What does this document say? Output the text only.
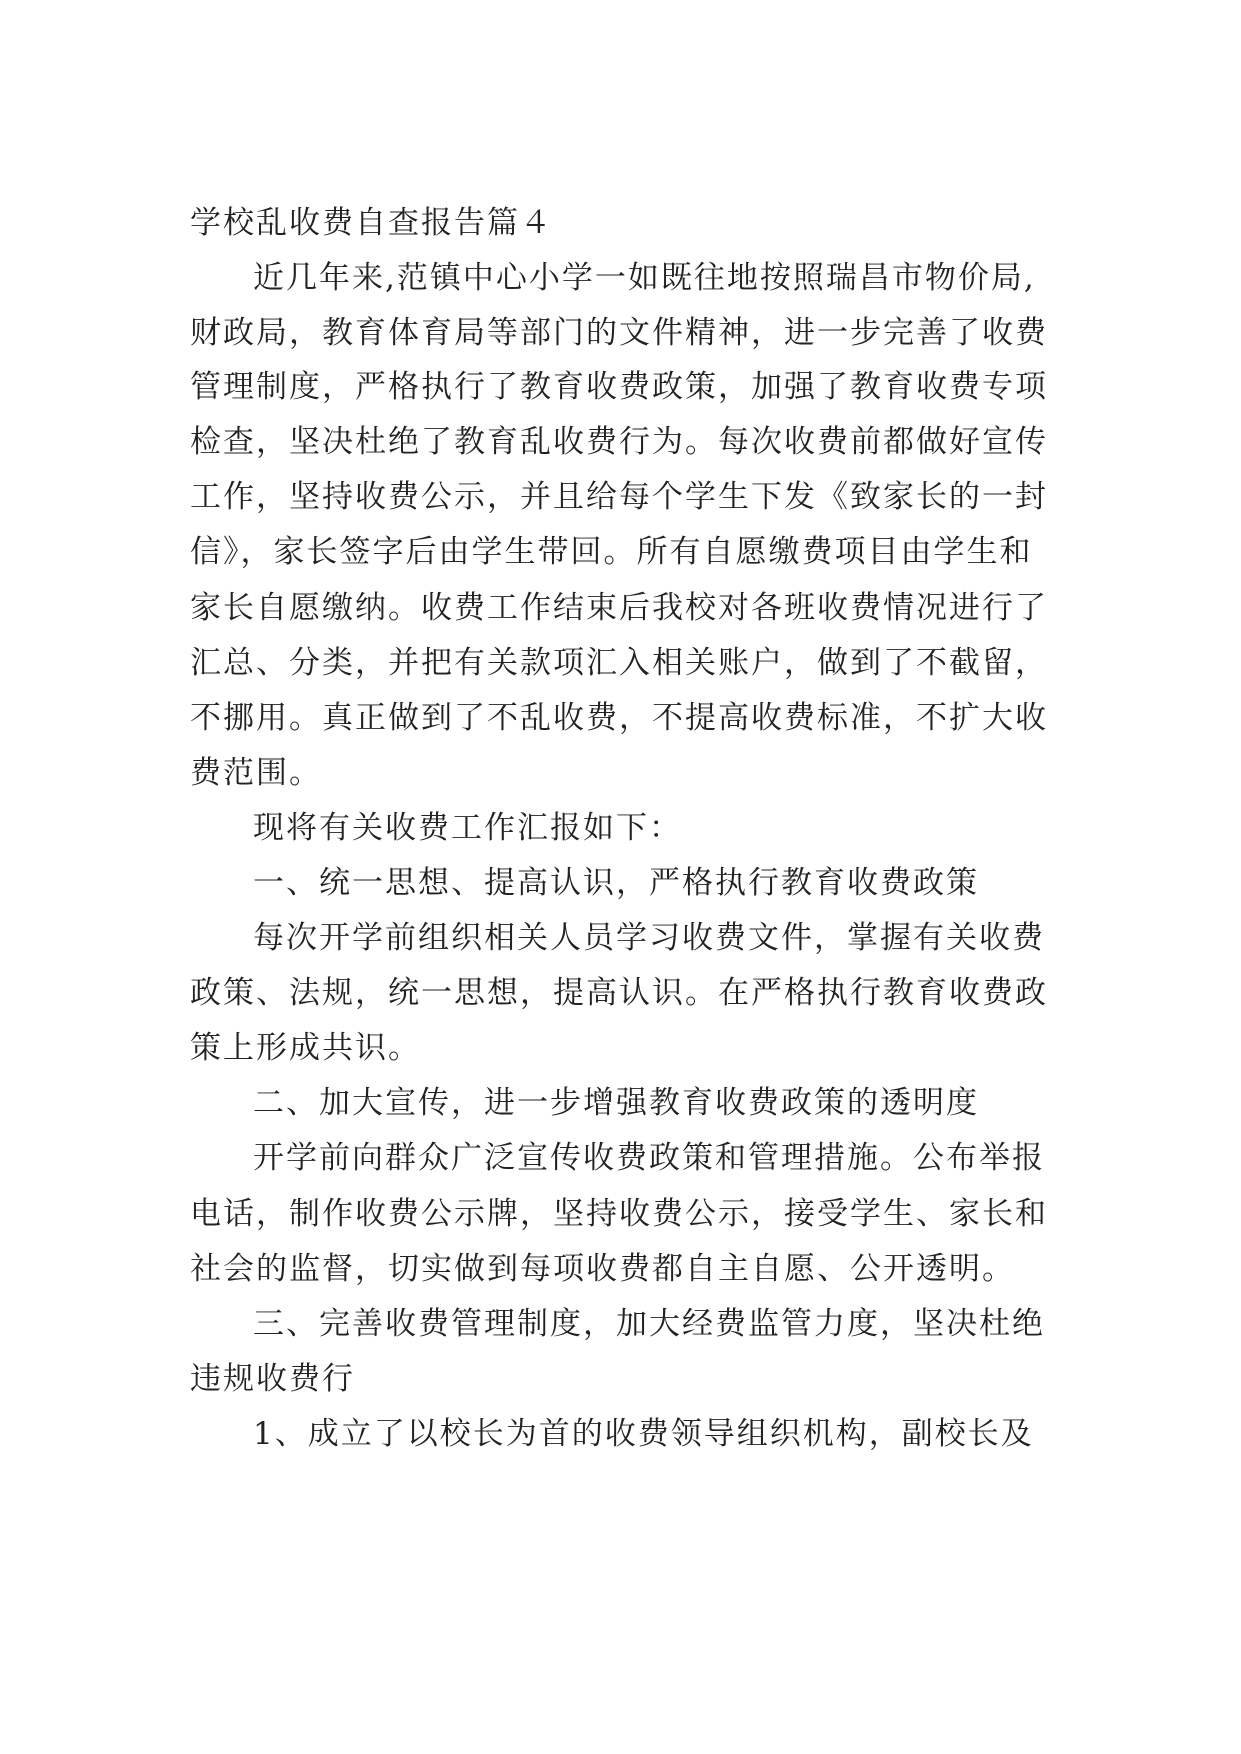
学校乱收费自查报告篇４
近几年来,范镇中心小学一如既往地按照瑞昌市物价局,
财政局，教育体育局等部门的文件精神，进一步完善了收费
管理制度，严格执行了教育收费政策，加强了教育收费专项
检查，坚决杜绝了教育乱收费行为。每次收费前都做好宣传
工作，坚持收费公示，并且给每个学生下发《致家长的一封
信》，家长签字后由学生带回。所有自愿缴费项目由学生和
家长自愿缴纳。收费工作结束后我校对各班收费情况进行了
汇总、分类，并把有关款项汇入相关账户，做到了不截留，
不挪用。真正做到了不乱收费，不提高收费标准，不扩大收
费范围。
现将有关收费工作汇报如下：
一、统一思想、提高认识，严格执行教育收费政策
每次开学前组织相关人员学习收费文件，掌握有关收费
政策、法规，统一思想，提高认识。在严格执行教育收费政
策上形成共识。
二、加大宣传，进一步增强教育收费政策的透明度
开学前向群众广泛宣传收费政策和管理措施。公布举报
电话，制作收费公示牌，坚持收费公示，接受学生、家长和
社会的监督，切实做到每项收费都自主自愿、公开透明。
三、完善收费管理制度，加大经费监管力度，坚决杜绝
违规收费行
1、成立了以校长为首的收费领导组织机构，副校长及
